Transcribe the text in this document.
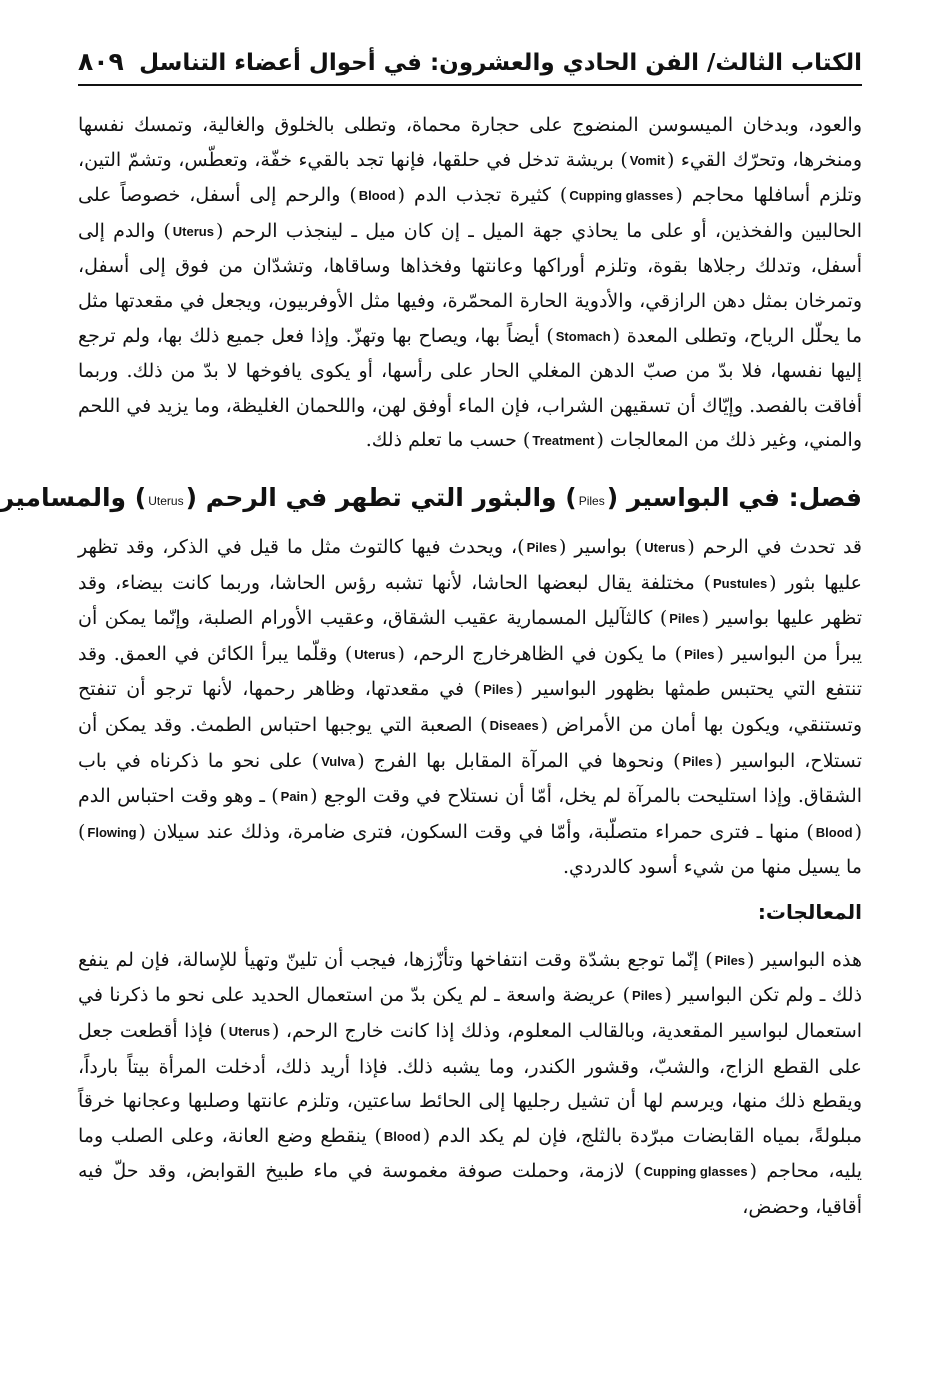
الكتاب الثالث/ الفن الحادي والعشرون: في أحوال أعضاء التناسل
٨٠٩

والعود، وبدخان الميسوسن المنضوج على حجارة محماة، وتطلى بالخلوق والغالية، وتمسك نفسها ومنخرها، وتحرّك القيء (Vomit) بريشة تدخل في حلقها، فإنها تجد بالقيء خفّة، وتعطّس، وتشمّ التين، وتلزم أسافلها محاجم (Cupping glasses) كثيرة تجذب الدم (Blood) والرحم إلى أسفل، خصوصاً على الحالبين والفخذين، أو على ما يحاذي جهة الميل ـ إن كان ميل ـ لينجذب الرحم (Uterus) والدم إلى أسفل، وتدلك رجلاها بقوة، وتلزم أوراكها وعانتها وفخذاها وساقاها، وتشدّان من فوق إلى أسفل، وتمرخان بمثل دهن الرازقي، والأدوية الحارة المحمّرة، وفيها مثل الأوفربيون، ويجعل في مقعدتها مثل ما يحلّل الرياح، وتطلى المعدة (Stomach) أيضاً بها، ويصاح بها وتهزّ. وإذا فعل جميع ذلك بها، ولم ترجع إليها نفسها، فلا بدّ من صبّ الدهن المغلي الحار على رأسها، أو يكوى يافوخها لا بدّ من ذلك. وربما أفاقت بالفصد. وإيّاك أن تسقيهن الشراب، فإن الماء أوفق لهن، واللحمان الغليظة، وما يزيد في اللحم والمني، وغير ذلك من المعالجات (Treatment) حسب ما تعلم ذلك.

فصل: في البواسير (Piles) والبثور التي تطهر في الرحم (Uterus) والمسامير

قد تحدث في الرحم (Uterus) بواسير (Piles)، ويحدث فيها كالتوث مثل ما قيل في الذكر، وقد تظهر عليها بثور (Pustules) مختلفة يقال لبعضها الحاشا، لأنها تشبه رؤس الحاشا، وربما كانت بيضاء، وقد تظهر عليها بواسير (Piles) كالثآليل المسمارية عقيب الشقاق، وعقيب الأورام الصلبة، وإنّما يمكن أن يبرأ من البواسير (Piles) ما يكون في الظاهرخارج الرحم، (Uterus) وقلّما يبرأ الكائن في العمق. وقد تنتفع التي يحتبس طمثها بظهور البواسير (Piles) في مقعدتها، وظاهر رحمها، لأنها ترجو أن تنفتح وتستنقي، ويكون بها أمان من الأمراض (Diseaes) الصعبة التي يوجبها احتباس الطمث. وقد يمكن أن تستلاح، البواسير (Piles) ونحوها في المرآة المقابل بها الفرج (Vulva) على نحو ما ذكرناه في باب الشقاق. وإذا استليحت بالمرآة لم يخل، أمّا أن نستلاح في وقت الوجع (Pain) ـ وهو وقت احتباس الدم (Blood) منها ـ فترى حمراء متصلّبة، وأمّا في وقت السكون، فترى ضامرة، وذلك عند سيلان (Flowing) ما يسيل منها من شيء أسود كالدردي.

المعالجات:

هذه البواسير (Piles) إنّما توجع بشدّة وقت انتفاخها وتأزّزها، فيجب أن تلينّ وتهيأ للإسالة، فإن لم ينفع ذلك ـ ولم تكن البواسير (Piles) عريضة واسعة ـ لم يكن بدّ من استعمال الحديد على نحو ما ذكرنا في استعمال لبواسير المقعدية، وبالقالب المعلوم، وذلك إذا كانت خارج الرحم، (Uterus) فإذا أقطعت جعل على القطع الزاج، والشبّ، وقشور الكندر، وما يشبه ذلك. فإذا أريد ذلك، أدخلت المرأة بيتاً بارداً، ويقطع ذلك منها، ويرسم لها أن تشيل رجليها إلى الحائط ساعتين، وتلزم عانتها وصلبها وعجانها خرقاً مبلولةً، بمياه القابضات مبرّدة بالثلج، فإن لم يكد الدم (Blood) ينقطع وضع العانة، وعلى الصلب وما يليه، محاجم (Cupping glasses) لازمة، وحملت صوفة مغموسة في ماء طبيخ القوابض، وقد حلّ فيه أقاقيا، وحضض،
